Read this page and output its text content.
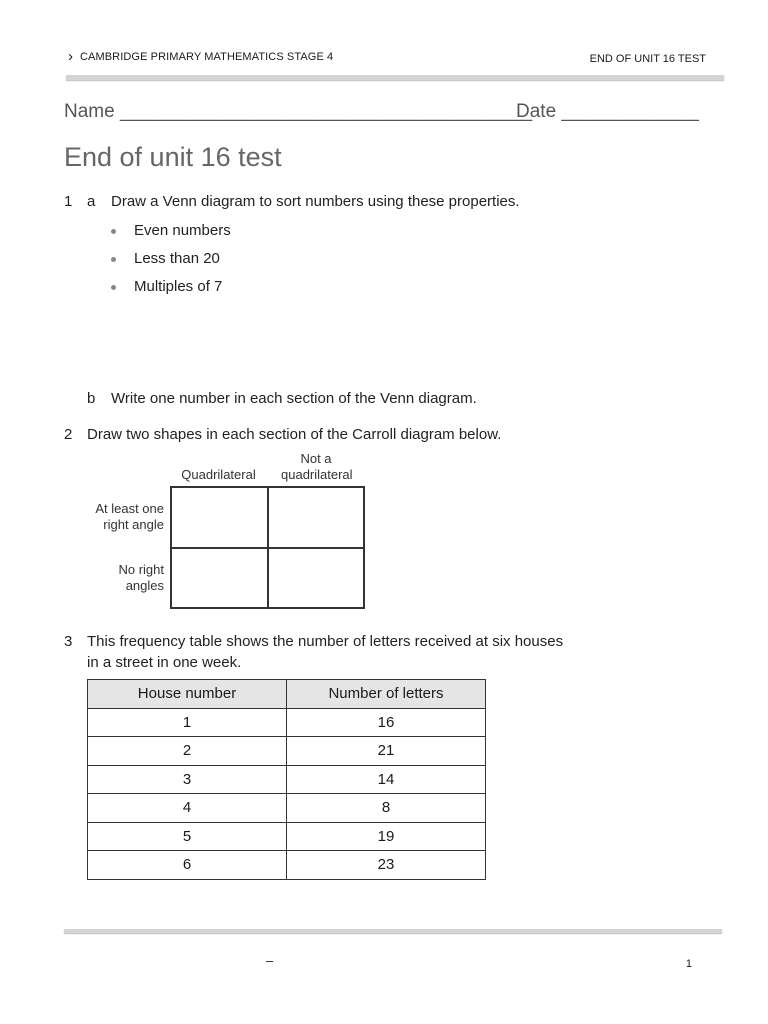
› CAMBRIDGE PRIMARY MATHEMATICS STAGE 4	END OF UNIT 16 TEST
Name _______________________________________
Date _____________
End of unit 16 test
1 a Draw a Venn diagram to sort numbers using these properties.
Even numbers
Less than 20
Multiples of 7
b Write one number in each section of the Venn diagram.
2 Draw two shapes in each section of the Carroll diagram below.
Quadrilateral
Not a quadrilateral
At least one right angle
No right angles
3 This frequency table shows the number of letters received at six houses
in a street in one week.
House number	Number of letters
1	16
2	21
3	14
4	8
5	19
6	23
–	1
